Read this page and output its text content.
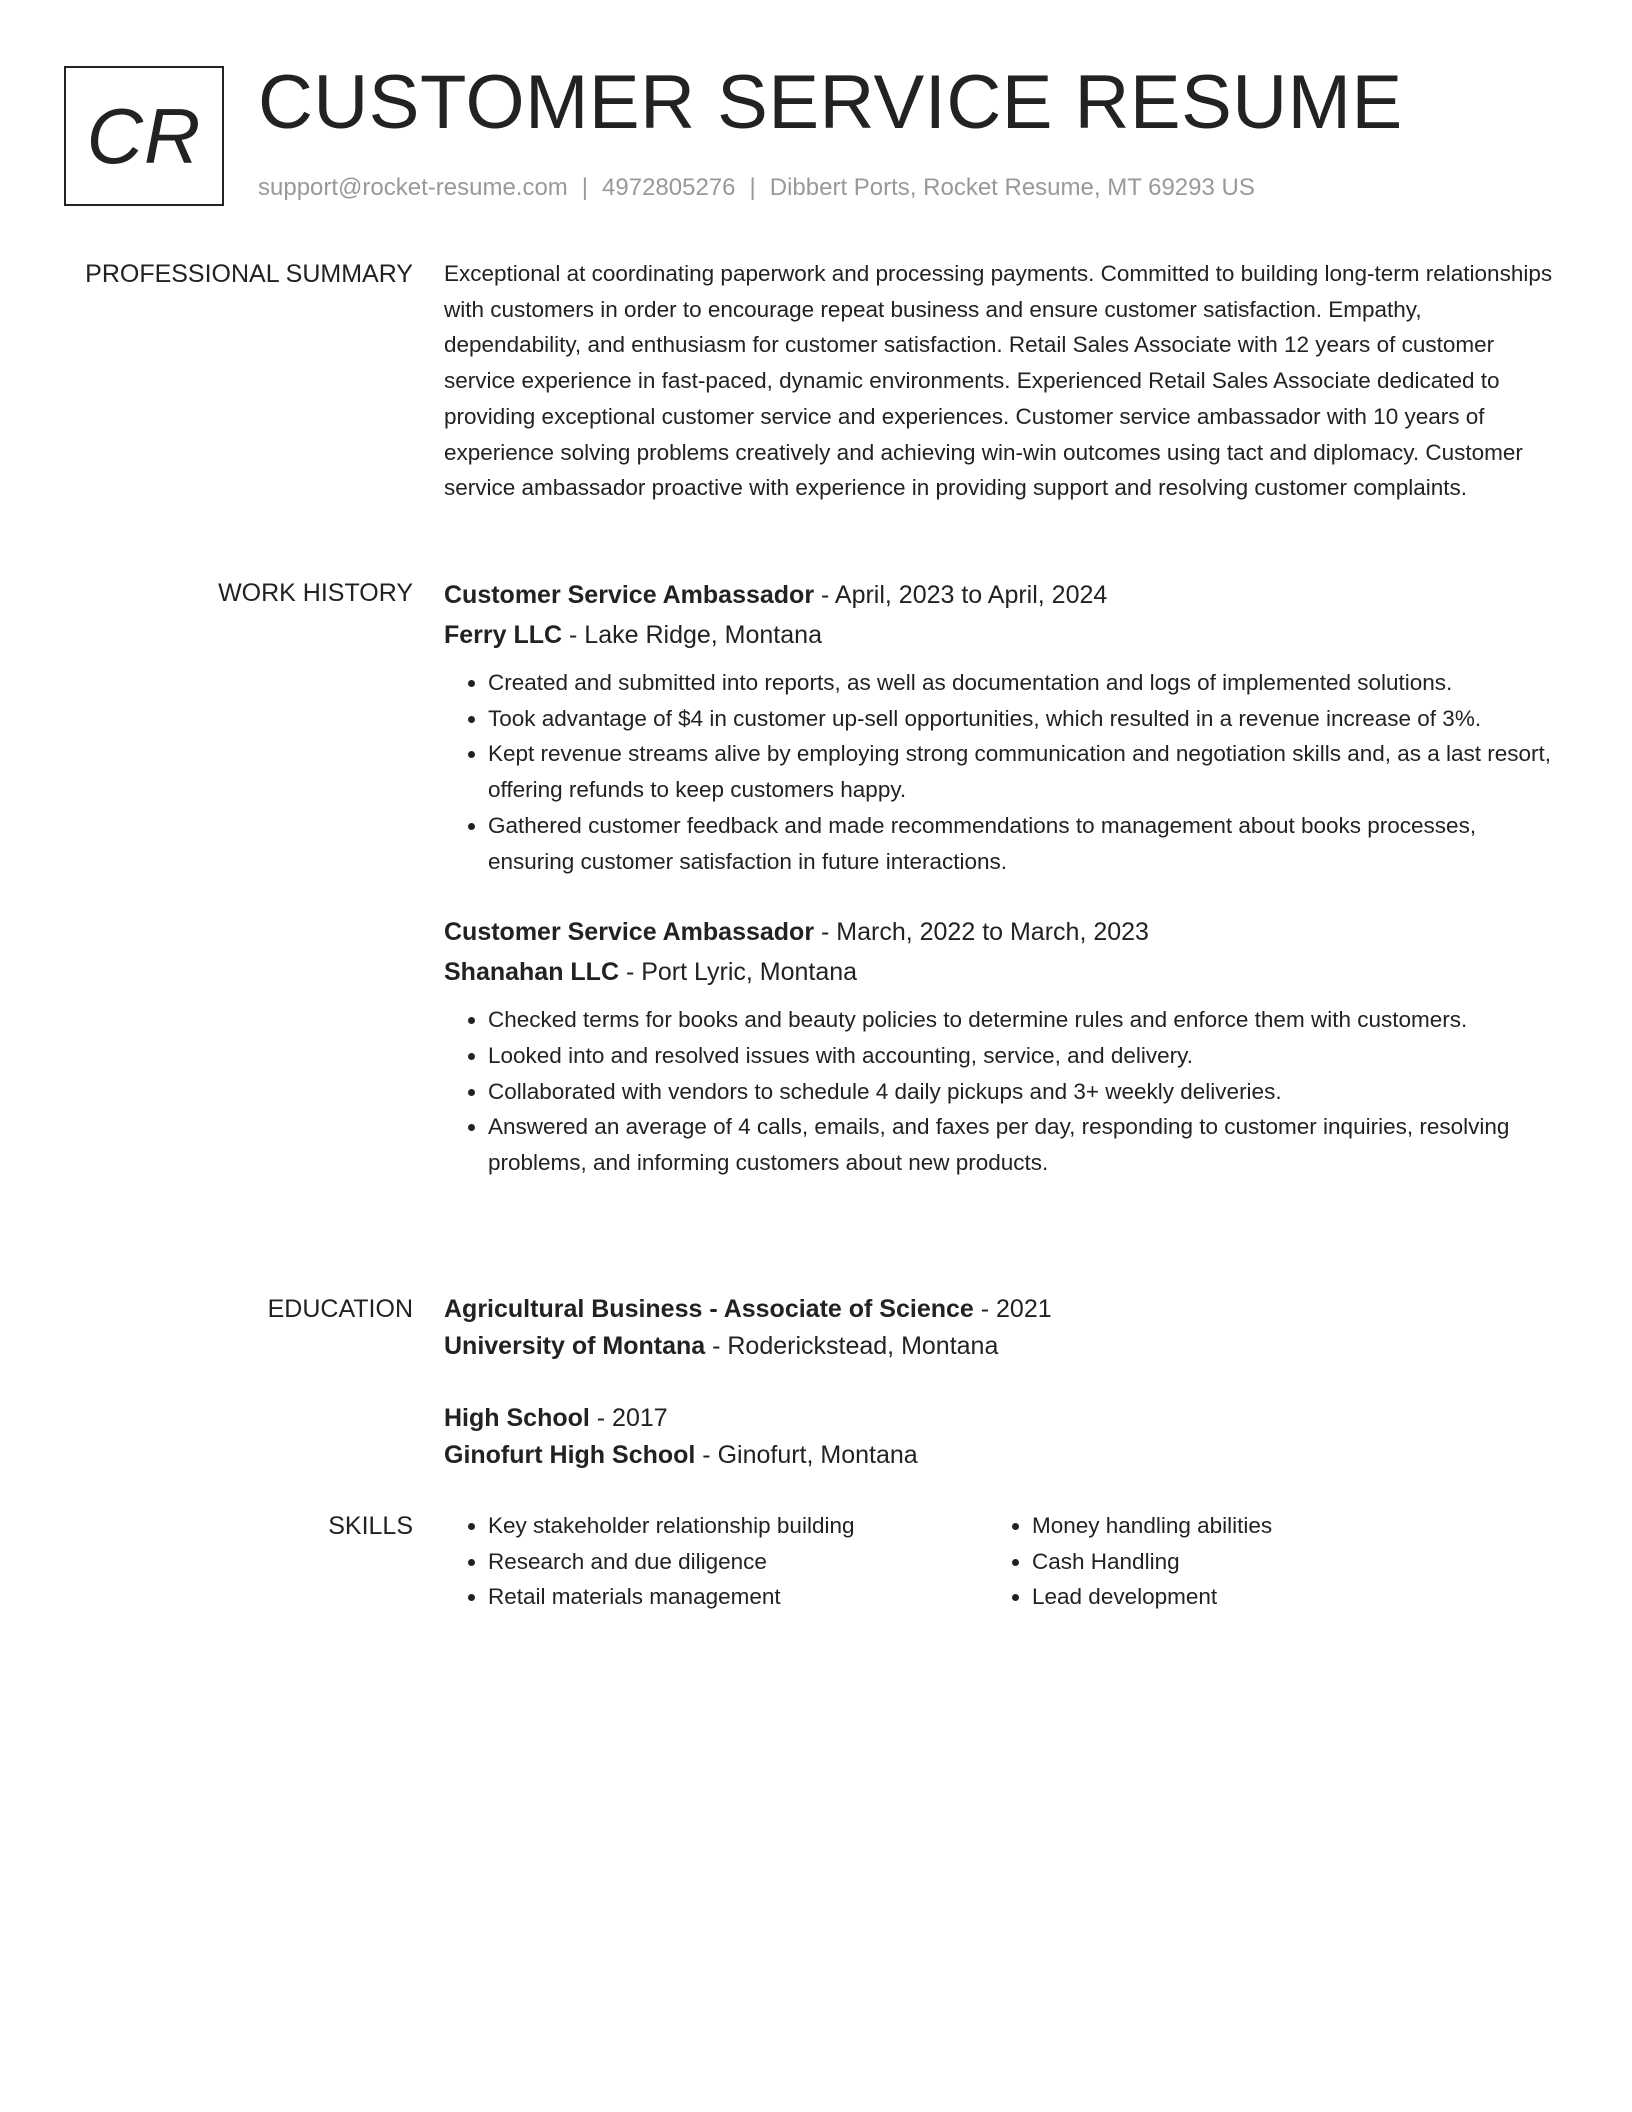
CR CUSTOMER SERVICE RESUME
support@rocket-resume.com | 4972805276 | Dibbert Ports, Rocket Resume, MT 69293 US
PROFESSIONAL SUMMARY Exceptional at coordinating paperwork and processing payments. Committed to building long-term relationships with customers in order to encourage repeat business and ensure customer satisfaction. Empathy, dependability, and enthusiasm for customer satisfaction. Retail Sales Associate with 12 years of customer service experience in fast-paced, dynamic environments. Experienced Retail Sales Associate dedicated to providing exceptional customer service and experiences. Customer service ambassador with 10 years of experience solving problems creatively and achieving win-win outcomes using tact and diplomacy. Customer service ambassador proactive with experience in providing support and resolving customer complaints.

WORK HISTORY Customer Service Ambassador - April, 2023 to April, 2024
Ferry LLC - Lake Ridge, Montana
• Created and submitted into reports, as well as documentation and logs of implemented solutions.
• Took advantage of $4 in customer up-sell opportunities, which resulted in a revenue increase of 3%.
• Kept revenue streams alive by employing strong communication and negotiation skills and, as a last resort, offering refunds to keep customers happy.
• Gathered customer feedback and made recommendations to management about books processes, ensuring customer satisfaction in future interactions.
Customer Service Ambassador - March, 2022 to March, 2023
Shanahan LLC - Port Lyric, Montana
• Checked terms for books and beauty policies to determine rules and enforce them with customers.
• Looked into and resolved issues with accounting, service, and delivery.
• Collaborated with vendors to schedule 4 daily pickups and 3+ weekly deliveries.
• Answered an average of 4 calls, emails, and faxes per day, responding to customer inquiries, resolving problems, and informing customers about new products.
EDUCATION Agricultural Business - Associate of Science - 2021
University of Montana - Roderickstead, Montana
High School - 2017
Ginofurt High School - Ginofurt, Montana
SKILLS
•	Key stakeholder relationship building
• Research and due diligence
• Retail materials management
• Money handling abilities
• Cash Handling
• Lead development
